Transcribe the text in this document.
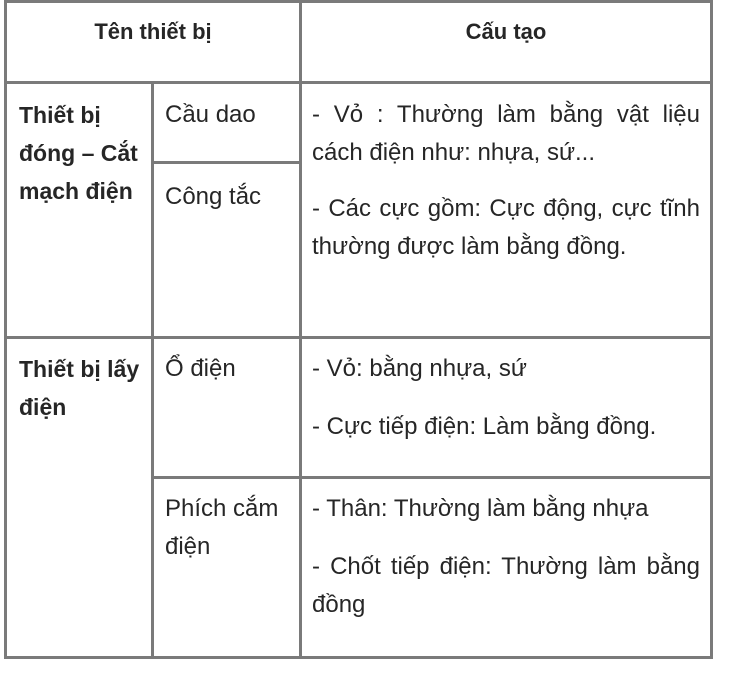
Tên thiết bị	Cấu tạo
Thiết bị đóng – Cắt mạch điện
Cầu dao
Công tắc

- Vỏ : Thường làm bằng vật liệu cách điện như: nhựa, sứ...

- Các cực gồm: Cực động, cực tĩnh thường được làm bằng đồng.

Thiết bị lấy điện
Ổ điện	- Vỏ: bằng nhựa, sứ

- Cực tiếp điện: Làm bằng đồng.

Phích cắm điện

- Thân: Thường làm bằng nhựa

- Chốt tiếp điện: Thường làm bằng đồng
